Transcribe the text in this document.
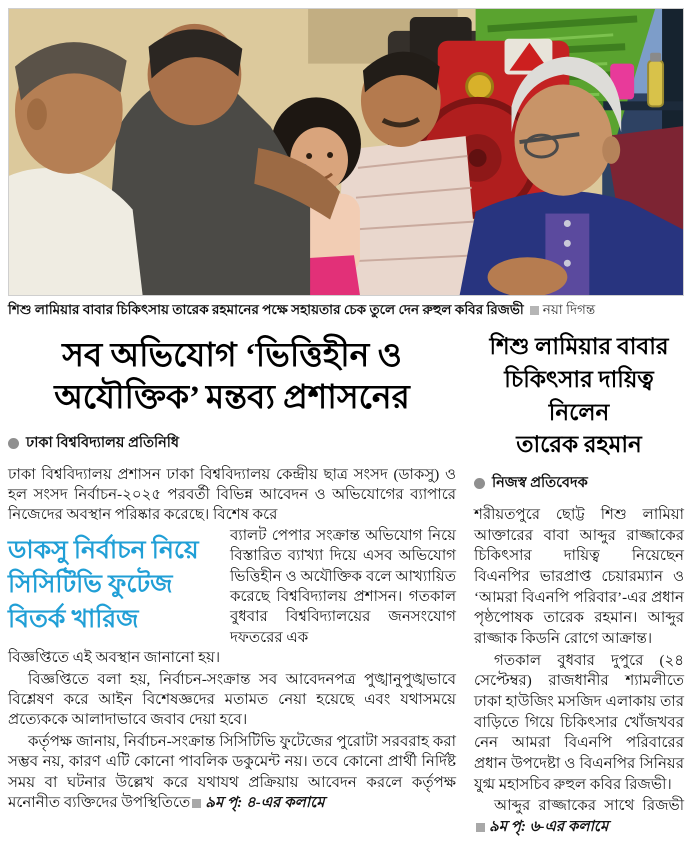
শিশু লামিয়ার বাবার চিকিৎসায় তারেক রহমানের পক্ষে সহায়তার চেক তুলে দেন রুহুল কবির রিজভী নয়া দিগন্ত
সব অভিযোগ ‘ভিত্তিহীন ও
অযৌক্তিক’ মন্তব্য প্রশাসনের
ঢাকা বিশ্ববিদ্যালয় প্রতিনিধি

ঢাকা বিশ্ববিদ্যালয় প্রশাসন ঢাকা বিশ্ববিদ্যালয় কেন্দ্রীয় ছাত্র সংসদ (ডাকসু) ও হল সংসদ নির্বাচন-২০২৫ পরবর্তী বিভিন্ন আবেদন ও অভিযোগের ব্যাপারে নিজেদের অবস্থান পরিষ্কার করেছে। বিশেষ করে

ডাকসু নির্বাচন নিয়ে সিসিটিভি ফুটেজ বিতর্ক খারিজ

ব্যালট পেপার সংক্রান্ত অভিযোগ নিয়ে বিস্তারিত ব্যাখ্যা দিয়ে এসব অভিযোগ ভিত্তিহীন ও অযৌক্তিক বলে আখ্যায়িত করেছে বিশ্ববিদ্যালয় প্রশাসন। গতকাল বুধবার বিশ্ববিদ্যালয়ের জনসংযোগ দফতরের এক

বিজ্ঞপ্তিতে এই অবস্থান জানানো হয়।

বিজ্ঞপ্তিতে বলা হয়, নির্বাচন-সংক্রান্ত সব আবেদনপত্র পুঙ্খানুপুঙ্খভাবে বিশ্লেষণ করে আইন বিশেষজ্ঞদের মতামত নেয়া হয়েছে এবং যথাসময়ে প্রত্যেককে আলাদাভাবে জবাব দেয়া হবে।

কর্তৃপক্ষ জানায়, নির্বাচন-সংক্রান্ত সিসিটিভি ফুটেজের পুরোটা সরবরাহ করা সম্ভব নয়, কারণ এটি কোনো পাবলিক ডকুমেন্ট নয়। তবে কোনো প্রার্থী নির্দিষ্ট সময় বা ঘটনার উল্লেখ করে যথাযথ প্রক্রিয়ায় আবেদন করলে কর্তৃপক্ষ মনোনীত ব্যক্তিদের উপস্থিতিতে ৯ম পৃ: ৪-এর কলামে

শিশু লামিয়ার বাবার
চিকিৎসার দায়িত্ব নিলেন
তারেক রহমান
নিজস্ব প্রতিবেদক

শরীয়তপুরে ছোট্ট শিশু লামিয়া আক্তারের বাবা আব্দুর রাজ্জাকের চিকিৎসার দায়িত্ব নিয়েছেন বিএনপির ভারপ্রাপ্ত চেয়ারম্যান ও ‘আমরা বিএনপি পরিবার’-এর প্রধান পৃষ্ঠপোষক তারেক রহমান। আব্দুর রাজ্জাক কিডনি রোগে আক্রান্ত।

গতকাল বুধবার দুপুরে (২৪ সেপ্টেম্বর) রাজধানীর শ্যামলীতে ঢাকা হাউজিং মসজিদ এলাকায় তার বাড়িতে গিয়ে চিকিৎসার খোঁজখবর নেন আমরা বিএনপি পরিবারের প্রধান উপদেষ্টা ও বিএনপির সিনিয়র যুগ্ম মহাসচিব রুহুল কবির রিজভী।

আব্দুর রাজ্জাকের সাথে রিজভী ৯ম পৃ: ৬-এর কলামে
